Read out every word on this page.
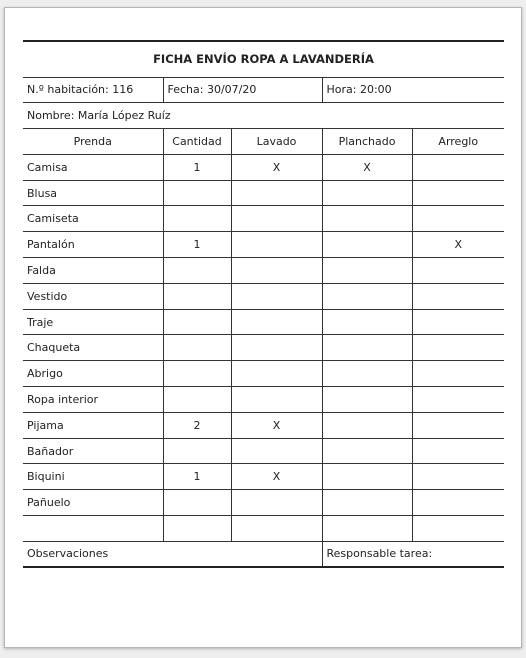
FICHA ENVÍO ROPA A LAVANDERÍA				
N.º habitación: 116	Fecha: 30/07/20		Hora: 20:00	
Nombre: María López Ruíz				
Prenda	Cantidad	Lavado	Planchado	Arreglo
Camisa	1	X	X	
Blusa				
Camiseta				
Pantalón	1			X
Falda				
Vestido				
Traje				
Chaqueta				
Abrigo				
Ropa interior				
Pijama	2	X		
Bañador				
Biquini	1	X		
Pañuelo				

Observaciones			Responsable tarea:	
